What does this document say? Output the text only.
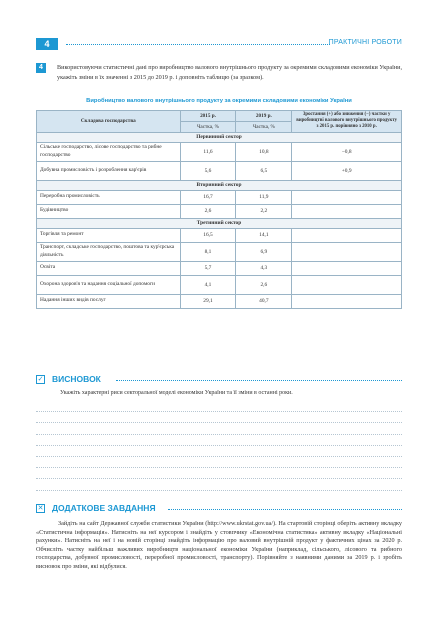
4	ПРАКТИЧНІ РОБОТИ
4	Використовуючи статистичні дані про виробництво валового внутрішнього продукту за окремими складовими економіки України, укажіть зміни в їх значенні з 2015 до 2019 р. і доповніть таблицю (за зразком).
Виробництво валового внутрішнього продукту за окремими складовими економіки України
Складова господарства	2015 р.	2019 р.	Зростання (+) або зниження (−) частки у виробництві валового внутрішнього продукту з 2015 р. порівняно з 2010 р.
	Частка, %	Частка, %	
Первинний сектор			
Сільське господарство, лісове господарство та рибне господарство	11,6	10,8	−0,8
Добувна промисловість і розроблення кар'єрів	5,6	6,5	+0,9
Вторинний сектор			
Переробна промисловість	16,7	11,9	
Будівництво	2,6	2,2	
Третинний сектор			
Торгівля та ремонт	16,5	14,1	
Транспорт, складське господарство, поштова та кур'єрська діяльність	8,1	6,9	
Освіта	5,7	4,3	
Охорона здоров'я та надання соціальної допомоги	4,1	2,6	
Надання інших видів послуг	29,1	40,7	
✓ ВИСНОВОК
Укажіть характерні риси секторальної моделі економіки України та її зміни в останні роки.
✕ ДОДАТКОВЕ ЗАВДАННЯ
Зайдіть на сайт Державної служби статистики України (http://www.ukrstat.gov.ua/). На стартовій сторінці оберіть активну вкладку «Статистична інформація». Натисніть на неї курсором і знайдіть у стовпчику «Економічна статистика» активну вкладку «Національні рахунки». Натисніть на неї і на новій сторінці знайдіть інформацію про валовий внутрішній продукт у фактичних цінах за 2020 р. Обчисліть частку найбільш важливих виробництв національної економіки України (наприклад, сільського, лісового та рибного господарства, добувної промисловості, переробної промисловості, транспорту). Порівняйте з наявними даними за 2019 р. і зробіть висновок про зміни, які відбулися.
